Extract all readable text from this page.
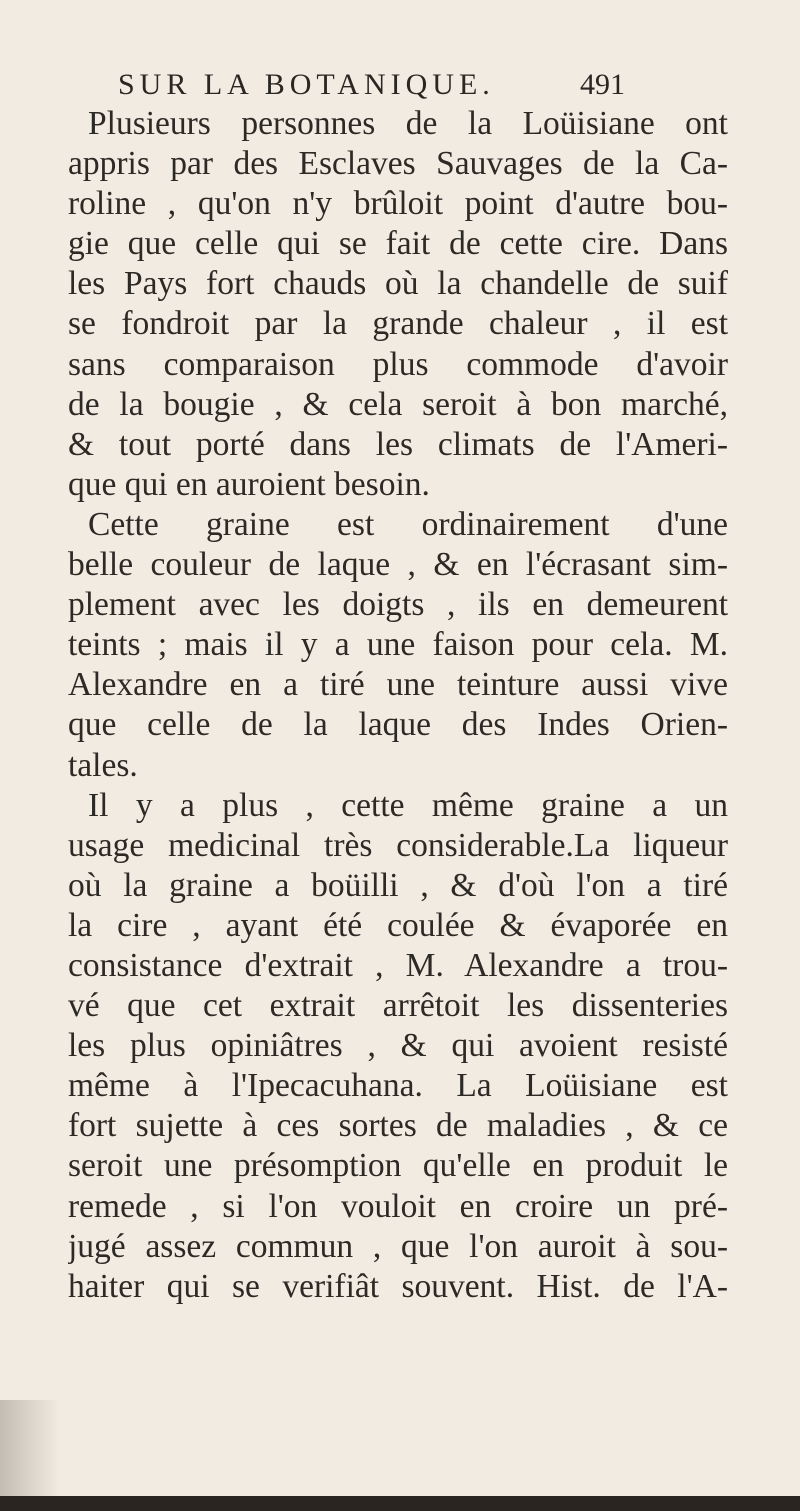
SUR LA BOTANIQUE.	491
Plusieurs personnes de la Loüisiane ont
appris par des Esclaves Sauvages de la Ca-
roline , qu'on n'y brûloit point d'autre bou-
gie que celle qui se fait de cette cire. Dans
les Pays fort chauds où la chandelle de suif
se fondroit par la grande chaleur , il est
sans comparaison plus commode d'avoir
de la bougie , & cela seroit à bon marché,
& tout porté dans les climats de l'Ameri-
que qui en auroient besoin.
Cette graine est ordinairement d'une
belle couleur de laque , & en l'écrasant sim-
plement avec les doigts , ils en demeurent
teints ; mais il y a une faison pour cela. M.
Alexandre en a tiré une teinture aussi vive
que celle de la laque des Indes Orien-
tales.
Il y a plus , cette même graine a un
usage medicinal très considerable.La liqueur
où la graine a boüilli , & d'où l'on a tiré
la cire , ayant été coulée & évaporée en
consistance d'extrait , M. Alexandre a trou-
vé que cet extrait arrêtoit les dissenteries
les plus opiniâtres , & qui avoient resisté
même à l'Ipecacuhana. La Loüisiane est
fort sujette à ces sortes de maladies , & ce
seroit une présomption qu'elle en produit le
remede , si l'on vouloit en croire un pré-
jugé assez commun , que l'on auroit à sou-
haiter qui se verifiât souvent. Hist. de l'A-
